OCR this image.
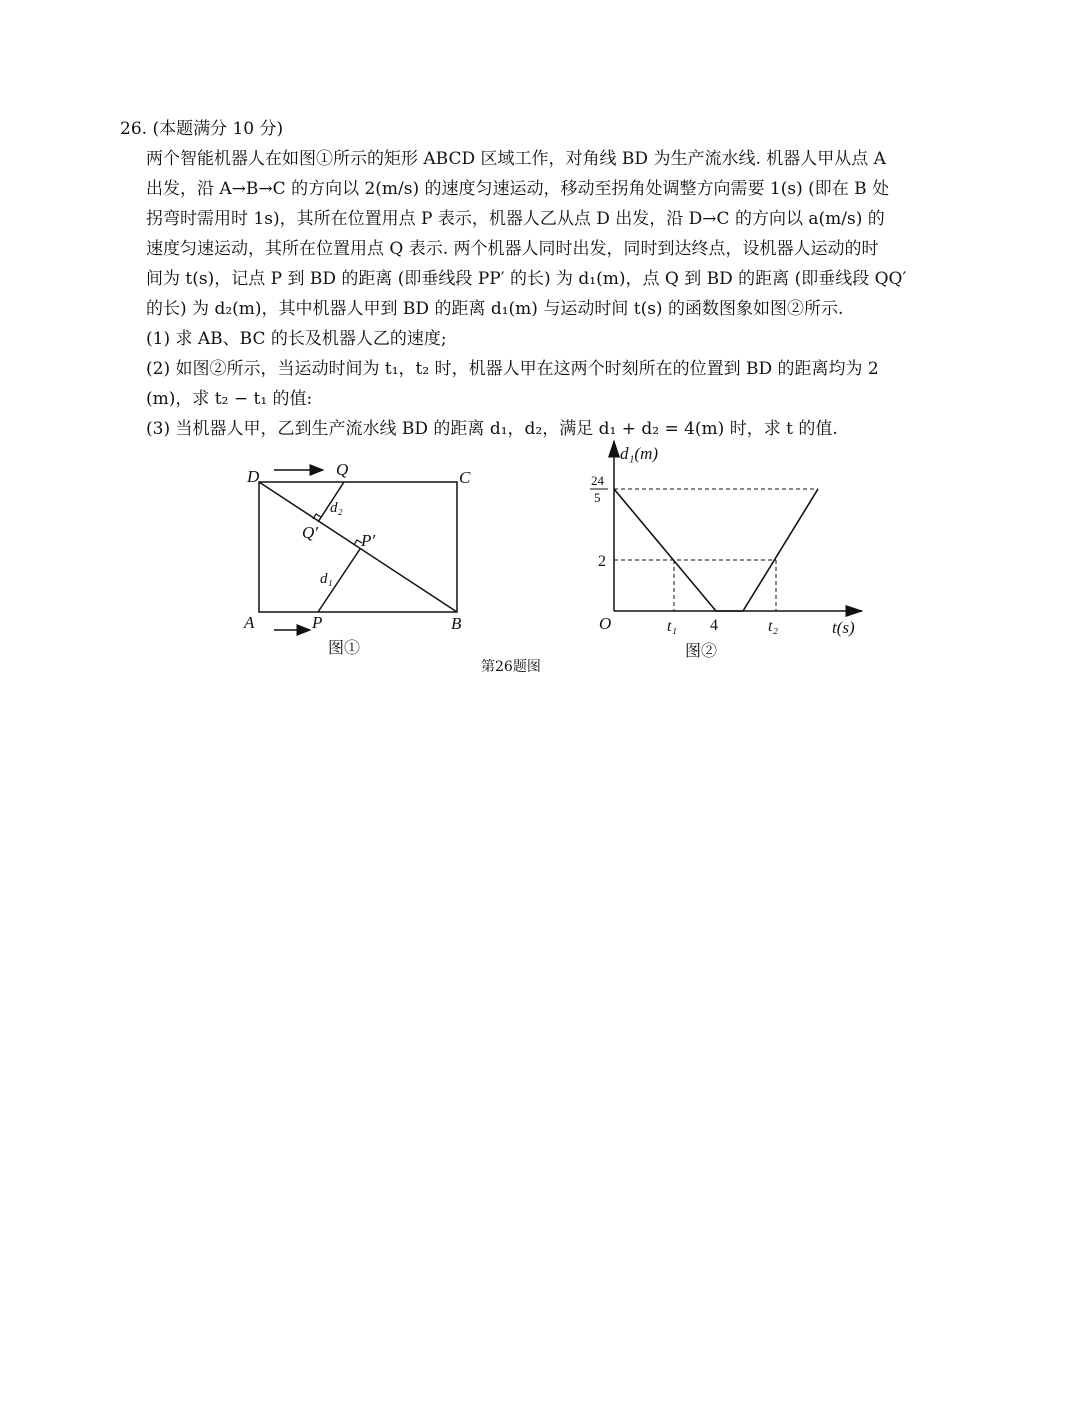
26. (本题满分 10 分)
两个智能机器人在如图①所示的矩形 ABCD 区域工作，对角线 BD 为生产流水线. 机器人甲从点 A
出发，沿 A→B→C 的方向以 2(m/s) 的速度匀速运动，移动至拐角处调整方向需要 1(s) (即在 B 处
拐弯时需用时 1s)，其所在位置用点 P 表示，机器人乙从点 D 出发，沿 D→C 的方向以 a(m/s) 的
速度匀速运动，其所在位置用点 Q 表示. 两个机器人同时出发，同时到达终点，设机器人运动的时
间为 t(s)，记点 P 到 BD 的距离 (即垂线段 PP′ 的长) 为 d₁(m)，点 Q 到 BD 的距离 (即垂线段 QQ′
的长) 为 d₂(m)，其中机器人甲到 BD 的距离 d₁(m) 与运动时间 t(s) 的函数图象如图②所示.
(1) 求 AB、BC 的长及机器人乙的速度;
(2) 如图②所示，当运动时间为 t₁，t₂ 时，机器人甲在这两个时刻所在的位置到 BD 的距离均为 2
(m)，求 t₂ − t₁ 的值:
(3) 当机器人甲，乙到生产流水线 BD 的距离 d₁，d₂，满足 d₁ + d₂ = 4(m) 时，求 t 的值.
D	Q	C
Q′	P′
d₂
d₁
A	P	B
图①
d₁(m)
t(s)
O
24
5
2
t₁ 4	t₂
图②
第26题图
